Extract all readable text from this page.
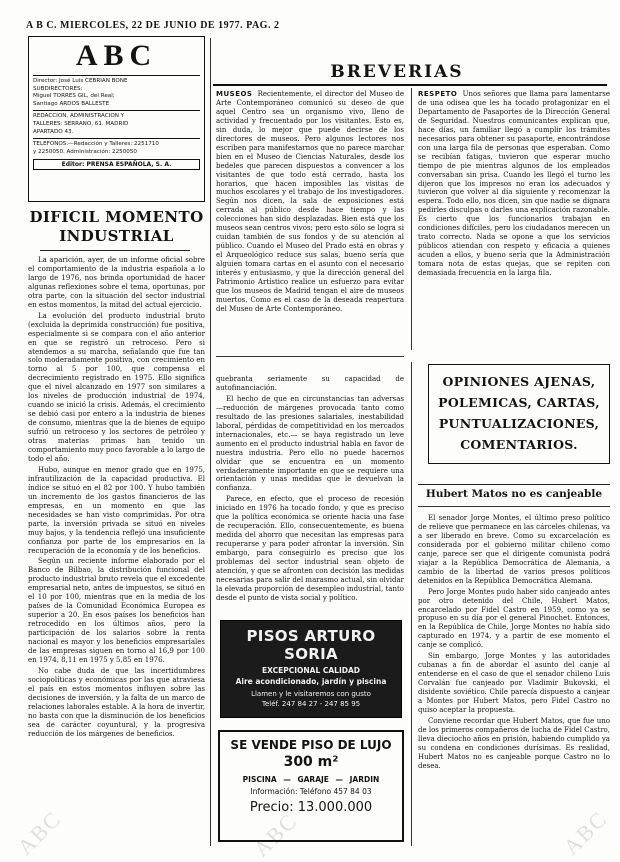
A B C. MIERCOLES, 22 DE JUNIO DE 1977. PAG. 2
ABC
Director: José Luis CEBRIAN BONE
SUBDIRECTORES:
Miguel TORRES GIL, del Real;
Santiago ARDOS BALLESTE
REDACCION, ADMINISTRACION Y
TALLERES: SERRANO, 61. MADRID
APARTADO 43.
TELEFONOS.—Redacción y Talleres: 2251710
y 2250050. Administración: 2250050
Editor: PRENSA ESPAÑOLA, S. A.
DIFICIL MOMENTO
INDUSTRIAL

La aparición, ayer, de un informe oficial sobre el comportamiento de la industria española a lo largo de 1976, nos brinda oportunidad de hacer algunas reflexiones sobre el tema, oportunas, por otra parte, con la situación del sector industrial en estos momentos, la mitad del actual ejercicio.

La evolución del producto industrial bruto (excluida la deprimida construcción) fue positiva, especialmente si se compara con el año anterior en que se registró un retroceso. Pero si atendemos a su marcha, señalando que fue tan solo moderadamente positiva, con crecimiento en torno al 5 por 100, que compensa el decrecimiento registrado en 1975. Ello significa que el nivel alcanzado en 1977 son similares a los niveles de producción industrial de 1974, cuando se inició la crisis. Además, el crecimiento se debió casi por entero a la industria de bienes de consumo, mientras que la de bienes de equipo sufrió un retroceso y los sectores de petróleo y otras materias primas han tenido un comportamiento muy poco favorable a lo largo de todo el año.

Hubo, aunque en menor grado que en 1975, infrautilización de la capacidad productiva. El índice se situó en el 82 por 100. Y hubo también un incremento de los gastos financieros de las empresas, en un momento en que las necesidades se han visto comprimidas. Por otra parte, la inversión privada se situó en niveles muy bajos, y la tendencia reflejó una insuficiente confianza por parte de los empresarios en la recuperación de la economía y de los beneficios.

Según un reciente informe elaborado por el Banco de Bilbao, la distribución funcional del producto industrial bruto revela que el excedente empresarial neto, antes de impuestos, se situó en el 10 por 100, mientras que en la media de los países de la Comunidad Económica Europea es superior a 20. En esos países los beneficios han retrocedido en los últimos años, pero la participación de los salarios sobre la renta nacional es mayor y los beneficios empresariales de las empresas siguen en torno al 16,9 por 100 en 1974, 8,11 en 1975 y 5,85 en 1976.

No cabe duda de que las incertidumbres sociopolíticas y económicas por las que atraviesa el país en estos momentos influyen sobre las decisiones de inversión, y la falta de un marco de relaciones laborales estable. A la hora de invertir, no basta con que la disminución de los beneficios sea de carácter coyuntural, y la progresiva reducción de los márgenes de beneficios.

BREVERIAS

MUSEOS Recientemente, el director del Museo de Arte Contemporáneo comunicó su deseo de que aquel Centro sea un organismo vivo, lleno de actividad y frecuentado por los visitantes. Esto es, sin duda, lo mejor que puede decirse de los directores de museos. Pero algunos lectores nos escriben para manifestarnos que no parece marchar bien en el Museo de Ciencias Naturales, desde los bedeles que parecen dispuestos a convencer a los visitantes de que todo está cerrado, hasta los horarios, que hacen imposibles las visitas de muchos escolares y el trabajo de los investigadores. Según nos dicen, la sala de exposiciones está cerrada al público desde hace tiempo y las colecciones han sido desplazadas. Bien está que los museos sean centros vivos; pero esto sólo se logra si cuidan también de sus fondos y de su atención al público. Cuando el Museo del Prado está en obras y el Arqueológico reduce sus salas, bueno sería que alguien tomara cartas en el asunto con el necesario interés y entusiasmo, y que la dirección general del Patrimonio Artístico realice un esfuerzo para evitar que los museos de Madrid tengan el aire de museos muertos. Como es el caso de la deseada reapertura del Museo de Arte Contemporáneo.

RESPETO Unos señores que llama para lamentarse de una odisea que les ha tocado protagonizar en el Departamento de Pasaportes de la Dirección General de Seguridad. Nuestros comunicantes explican que, hace días, un familiar llegó a cumplir los trámites necesarios para obtener su pasaporte, encontrándose con una larga fila de personas que esperaban. Como se recibían fatigas, tuvieron que esperar mucho tiempo de pie mientras algunos de los empleados conversaban sin prisa. Cuando les llegó el turno les dijeron que los impresos no eran los adecuados y tuvieron que volver al día siguiente y recomenzar la espera. Todo ello, nos dicen, sin que nadie se dignara pedirles disculpas o darles una explicación razonable. Es cierto que los funcionarios trabajan en condiciones difíciles, pero los ciudadanos merecen un trato correcto. Nada se opone a que los servicios públicos atiendan con respeto y eficacia a quienes acuden a ellos, y bueno sería que la Administración tomara nota de estas quejas, que se repiten con demasiada frecuencia en la larga fila.

quebranta seriamente su capacidad de autofinanciación.

El hecho de que en circunstancias tan adversas —reducción de márgenes provocada tanto como resultado de las presiones salariales, inestabilidad laboral, pérdidas de competitividad en los mercados internacionales, etc.— se haya registrado un leve aumento en el producto industrial habla en favor de nuestra industria. Pero ello no puede hacernos olvidar que se encuentra en un momento verdaderamente importante en que se requiere una orientación y unas medidas que le devuelvan la confianza.

Parece, en efecto, que el proceso de recesión iniciado en 1976 ha tocado fondo, y que es preciso que la política económica se oriente hacia una fase de recuperación. Ello, consecuentemente, es buena medida del ahorro que necesitan las empresas para recuperarse y para poder afrontar la inversión. Sin embargo, para conseguirlo es preciso que los problemas del sector industrial sean objeto de atención, y que se afronten con decisión las medidas necesarias para salir del marasmo actual, sin olvidar la elevada proporción de desempleo industrial, tanto desde el punto de vista social y político.

PISOS ARTURO SORIA
EXCEPCIONAL CALIDAD
Aire acondicionado, jardín y piscina
Llamen y le visitaremos con gusto
Teléf. 247 84 27 - 247 85 95
SE VENDE PISO DE LUJO
300 m²
PISCINA — GARAJE — JARDIN
Información: Teléfono 457 84 03
Precio: 13.000.000
OPINIONES AJENAS,
POLEMICAS, CARTAS,
PUNTUALIZACIONES,
COMENTARIOS.
Hubert Matos no es canjeable

El senador Jorge Montes, el último preso político de relieve que permanece en las cárceles chilenas, va a ser liberado en breve. Como su excarcelación es considerada por el gobierno militar chileno como canje, parece ser que el dirigente comunista podrá viajar a la República Democrática de Alemania, a cambio de la libertad de varios presos políticos detenidos en la República Democrática Alemana.

Pero Jorge Montes pudo haber sido canjeado antes por otro detenido del Chile, Hubert Matos, encarcelado por Fidel Castro en 1959, como ya se propuso en su día por el general Pinochet. Entonces, en la República de Chile, Jorge Montes no había sido capturado en 1974, y a partir de ese momento el canje se complicó.

Sin embargo, Jorge Montes y las autoridades cubanas a fin de abordar el asunto del canje al entenderse en el caso de que el senador chileno Luis Corvalán fue canjeado por Vladimir Bukovski, el disidente soviético. Chile parecía dispuesto a canjear a Montes por Hubert Matos, pero Fidel Castro no quiso aceptar la propuesta.

Conviene recordar que Hubert Matos, que fue uno de los primeros compañeros de lucha de Fidel Castro, lleva dieciocho años en prisión, habiendo cumplido ya su condena en condiciones durísimas. Es realidad, Hubert Matos no es canjeable porque Castro no lo desea.

ABC	ABC	ABC
